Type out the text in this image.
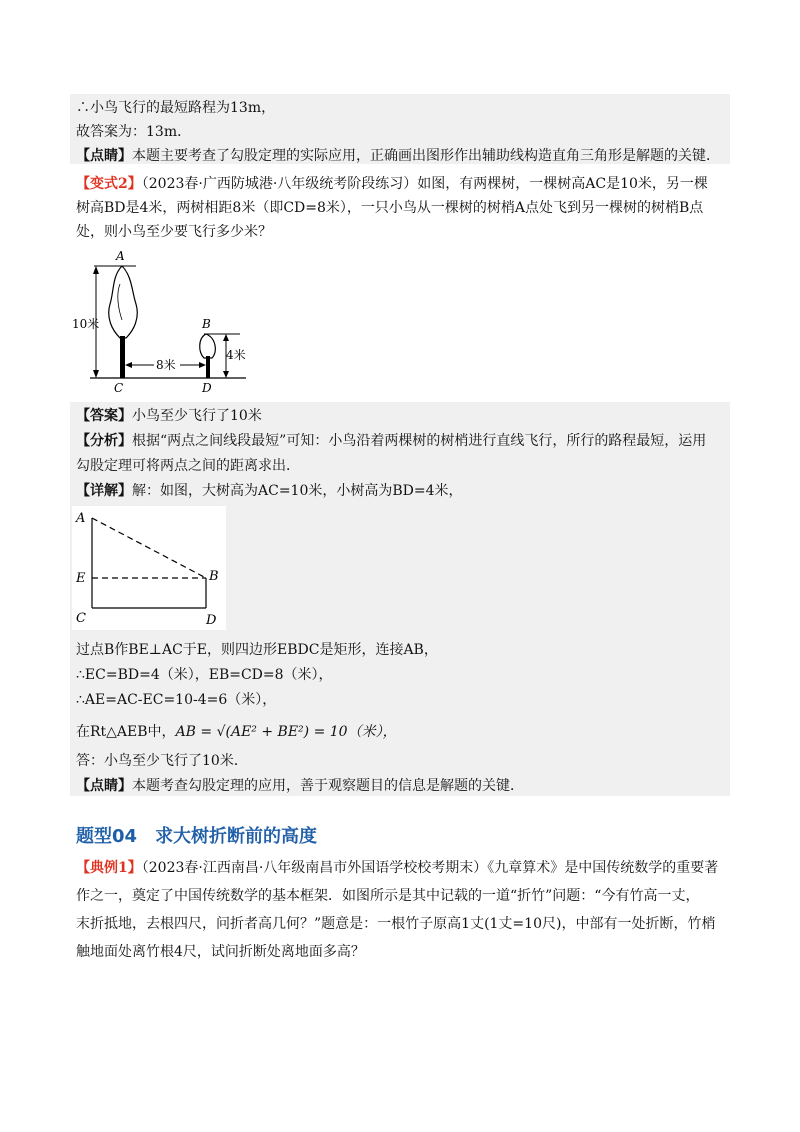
∴小鸟飞行的最短路程为13m，
故答案为：13m．
【点睛】本题主要考查了勾股定理的实际应用，正确画出图形作出辅助线构造直角三角形是解题的关键．
【变式2】（2023春·广西防城港·八年级统考阶段练习）如图，有两棵树，一棵树高AC是10米，另一棵
树高BD是4米，两树相距8米（即CD=8米），一只小鸟从一棵树的树梢A点处飞到另一棵树的树梢B点
处，则小鸟至少要飞行多少米？
A
B
C	D
10米
8米
4米
【答案】小鸟至少飞行了10米
【分析】根据“两点之间线段最短”可知：小鸟沿着两棵树的树梢进行直线飞行，所行的路程最短，运用
勾股定理可将两点之间的距离求出．
【详解】解：如图，大树高为AC=10米，小树高为BD=4米，
A
E	B
C	D
过点B作BE⊥AC于E，则四边形EBDC是矩形，连接AB，
∴EC=BD=4（米），EB=CD=8（米），
∴AE=AC-EC=10-4=6（米），
在Rt△AEB中，AB = √(AE² + BE²) = 10（米），
答：小鸟至少飞行了10米．
【点睛】本题考查勾股定理的应用，善于观察题目的信息是解题的关键．
题型04 求大树折断前的高度
【典例1】（2023春·江西南昌·八年级南昌市外国语学校校考期末）《九章算术》是中国传统数学的重要著
作之一，奠定了中国传统数学的基本框架．如图所示是其中记载的一道“折竹”问题：“今有竹高一丈，
末折抵地，去根四尺，问折者高几何？”题意是：一根竹子原高1丈(1丈=10尺)，中部有一处折断，竹梢
触地面处离竹根4尺，试问折断处离地面多高？
